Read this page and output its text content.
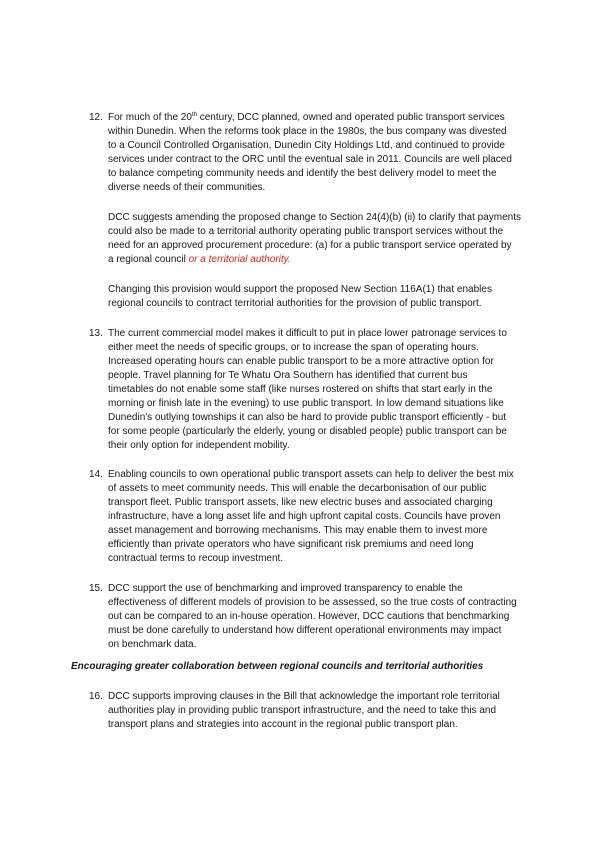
12. For much of the 20th century, DCC planned, owned and operated public transport services
within Dunedin. When the reforms took place in the 1980s, the bus company was divested
to a Council Controlled Organisation, Dunedin City Holdings Ltd, and continued to provide
services under contract to the ORC until the eventual sale in 2011. Councils are well placed
to balance competing community needs and identify the best delivery model to meet the
diverse needs of their communities.
DCC suggests amending the proposed change to Section 24(4)(b) (ii) to clarify that payments
could also be made to a territorial authority operating public transport services without the
need for an approved procurement procedure: (a) for a public transport service operated by
a regional council or a territorial authority.
Changing this provision would support the proposed New Section 116A(1) that enables
regional councils to contract territorial authorities for the provision of public transport.
13. The current commercial model makes it difficult to put in place lower patronage services to
either meet the needs of specific groups, or to increase the span of operating hours.
Increased operating hours can enable public transport to be a more attractive option for
people. Travel planning for Te Whatu Ora Southern has identified that current bus
timetables do not enable some staff (like nurses rostered on shifts that start early in the
morning or finish late in the evening) to use public transport. In low demand situations like
Dunedin's outlying townships it can also be hard to provide public transport efficiently - but
for some people (particularly the elderly, young or disabled people) public transport can be
their only option for independent mobility.
14. Enabling councils to own operational public transport assets can help to deliver the best mix
of assets to meet community needs. This will enable the decarbonisation of our public
transport fleet. Public transport assets, like new electric buses and associated charging
infrastructure, have a long asset life and high upfront capital costs. Councils have proven
asset management and borrowing mechanisms. This may enable them to invest more
efficiently than private operators who have significant risk premiums and need long
contractual terms to recoup investment.
15. DCC support the use of benchmarking and improved transparency to enable the
effectiveness of different models of provision to be assessed, so the true costs of contracting
out can be compared to an in-house operation. However, DCC cautions that benchmarking
must be done carefully to understand how different operational environments may impact
on benchmark data.
Encouraging greater collaboration between regional councils and territorial authorities
16. DCC supports improving clauses in the Bill that acknowledge the important role territorial
authorities play in providing public transport infrastructure, and the need to take this and
transport plans and strategies into account in the regional public transport plan.
